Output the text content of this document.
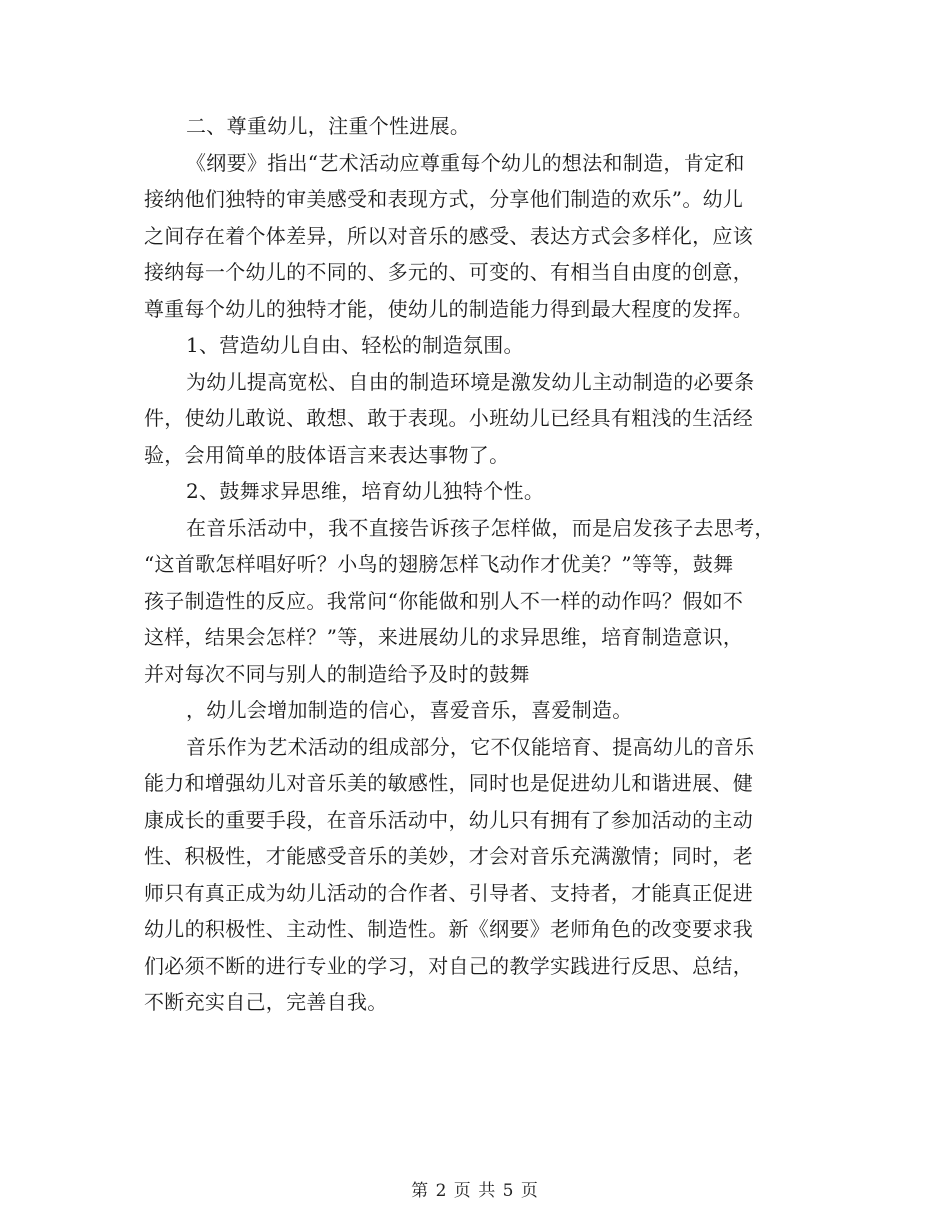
二、尊重幼儿，注重个性进展。
《纲要》指出“艺术活动应尊重每个幼儿的想法和制造，肯定和
接纳他们独特的审美感受和表现方式，分享他们制造的欢乐”。幼儿
之间存在着个体差异，所以对音乐的感受、表达方式会多样化，应该
接纳每一个幼儿的不同的、多元的、可变的、有相当自由度的创意，
尊重每个幼儿的独特才能，使幼儿的制造能力得到最大程度的发挥。
1、营造幼儿自由、轻松的制造氛围。
为幼儿提高宽松、自由的制造环境是激发幼儿主动制造的必要条
件，使幼儿敢说、敢想、敢于表现。小班幼儿已经具有粗浅的生活经
验，会用简单的肢体语言来表达事物了。
2、鼓舞求异思维，培育幼儿独特个性。
在音乐活动中，我不直接告诉孩子怎样做，而是启发孩子去思考，
“这首歌怎样唱好听？小鸟的翅膀怎样飞动作才优美？”等等，鼓舞
孩子制造性的反应。我常问“你能做和别人不一样的动作吗？假如不
这样，结果会怎样？”等，来进展幼儿的求异思维，培育制造意识，
并对每次不同与别人的制造给予及时的鼓舞
，幼儿会增加制造的信心，喜爱音乐，喜爱制造。
音乐作为艺术活动的组成部分，它不仅能培育、提高幼儿的音乐
能力和增强幼儿对音乐美的敏感性，同时也是促进幼儿和谐进展、健
康成长的重要手段，在音乐活动中，幼儿只有拥有了参加活动的主动
性、积极性，才能感受音乐的美妙，才会对音乐充满激情；同时，老
师只有真正成为幼儿活动的合作者、引导者、支持者，才能真正促进
幼儿的积极性、主动性、制造性。新《纲要》老师角色的改变要求我
们必须不断的进行专业的学习，对自己的教学实践进行反思、总结，
不断充实自己，完善自我。
第 2 页 共 5 页
